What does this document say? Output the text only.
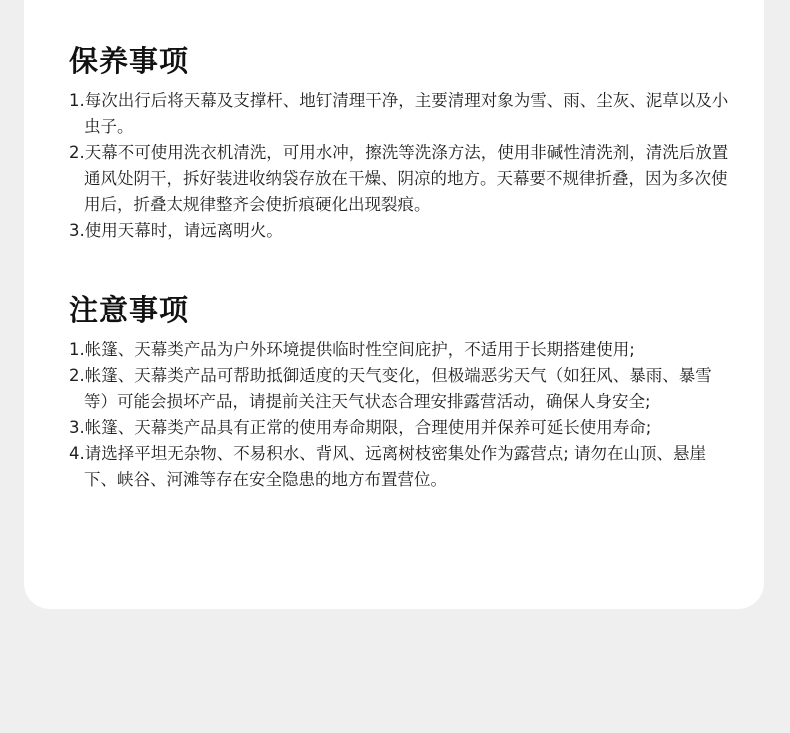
保养事项
1.每次出行后将天幕及支撑杆、地钉清理干净，主要清理对象为雪、雨、尘灰、泥草以及小虫子。
2.天幕不可使用洗衣机清洗，可用水冲，擦洗等洗涤方法，使用非碱性清洗剂，清洗后放置通风处阴干，拆好装进收纳袋存放在干燥、阴凉的地方。天幕要不规律折叠，因为多次使用后，折叠太规律整齐会使折痕硬化出现裂痕。
3.使用天幕时，请远离明火。
注意事项
1.帐篷、天幕类产品为户外环境提供临时性空间庇护，不适用于长期搭建使用;
2.帐篷、天幕类产品可帮助抵御适度的天气变化，但极端恶劣天气（如狂风、暴雨、暴雪等）可能会损坏产品，请提前关注天气状态合理安排露营活动，确保人身安全;
3.帐篷、天幕类产品具有正常的使用寿命期限，合理使用并保养可延长使用寿命;
4.请选择平坦无杂物、不易积水、背风、远离树枝密集处作为露营点; 请勿在山顶、悬崖下、峡谷、河滩等存在安全隐患的地方布置营位。
